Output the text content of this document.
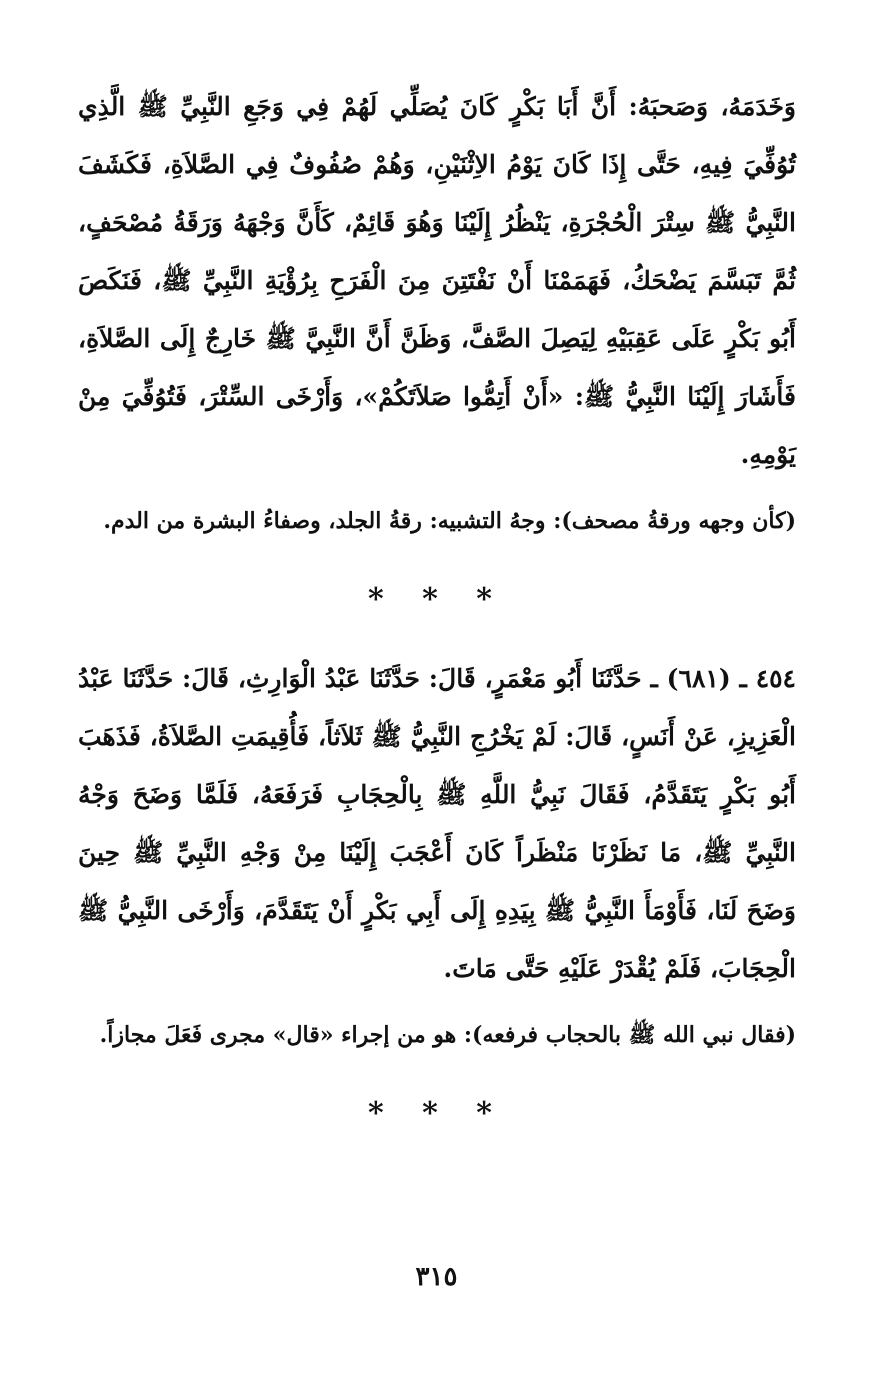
وَخَدَمَهُ، وَصَحبَهُ: أَنَّ أَبَا بَكْرٍ كَانَ يُصَلِّي لَهُمْ فِي وَجَعِ النَّبِيِّ ﷺ الَّذِي تُوُفِّيَ فِيهِ، حَتَّى إِذَا كَانَ يَوْمُ الاِثْنَيْنِ، وَهُمْ صُفُوفٌ فِي الصَّلاَةِ، فَكَشَفَ النَّبِيُّ ﷺ سِتْرَ الْحُجْرَةِ، يَنْظُرُ إِلَيْنَا وَهُوَ قَائِمٌ، كَأَنَّ وَجْهَهُ وَرَقَةُ مُصْحَفٍ، ثُمَّ تَبَسَّمَ يَضْحَكُ، فَهَمَمْنَا أَنْ نَفْتَتِنَ مِنَ الْفَرَحِ بِرُؤْيَةِ النَّبِيِّ ﷺ، فَنَكَصَ أَبُو بَكْرٍ عَلَى عَقِبَيْهِ لِيَصِلَ الصَّفَّ، وَظَنَّ أَنَّ النَّبِيَّ ﷺ خَارِجٌ إِلَى الصَّلاَةِ، فَأَشَارَ إِلَيْنَا النَّبِيُّ ﷺ: «أَنْ أَتِمُّوا صَلاَتَكُمْ»، وَأَرْخَى السِّتْرَ، فَتُوُفِّيَ مِنْ يَوْمِهِ.
(كأن وجهه ورقةُ مصحف): وجهُ التشبيه: رقةُ الجلد، وصفاءُ البشرة من الدم.
* * *
٤٥٤ ـ (٦٨١) ـ حَدَّثَنَا أَبُو مَعْمَرٍ، قَالَ: حَدَّثَنَا عَبْدُ الْوَارِثِ، قَالَ: حَدَّثَنَا عَبْدُ الْعَزِيزِ، عَنْ أَنَسٍ، قَالَ: لَمْ يَخْرُجِ النَّبِيُّ ﷺ ثَلاَثاً، فَأُقِيمَتِ الصَّلاَةُ، فَذَهَبَ أَبُو بَكْرٍ يَتَقَدَّمُ، فَقَالَ نَبِيُّ اللَّهِ ﷺ بِالْحِجَابِ فَرَفَعَهُ، فَلَمَّا وَضَحَ وَجْهُ النَّبِيِّ ﷺ، مَا نَظَرْنَا مَنْظَراً كَانَ أَعْجَبَ إِلَيْنَا مِنْ وَجْهِ النَّبِيِّ ﷺ حِينَ وَضَحَ لَنَا، فَأَوْمَأَ النَّبِيُّ ﷺ بِيَدِهِ إِلَى أَبِي بَكْرٍ أَنْ يَتَقَدَّمَ، وَأَرْخَى النَّبِيُّ ﷺ الْحِجَابَ، فَلَمْ يُقْدَرْ عَلَيْهِ حَتَّى مَاتَ.
(فقال نبي الله ﷺ بالحجاب فرفعه): هو من إجراء «قال» مجرى فَعَلَ مجازاً.
* * *
٣١٥
